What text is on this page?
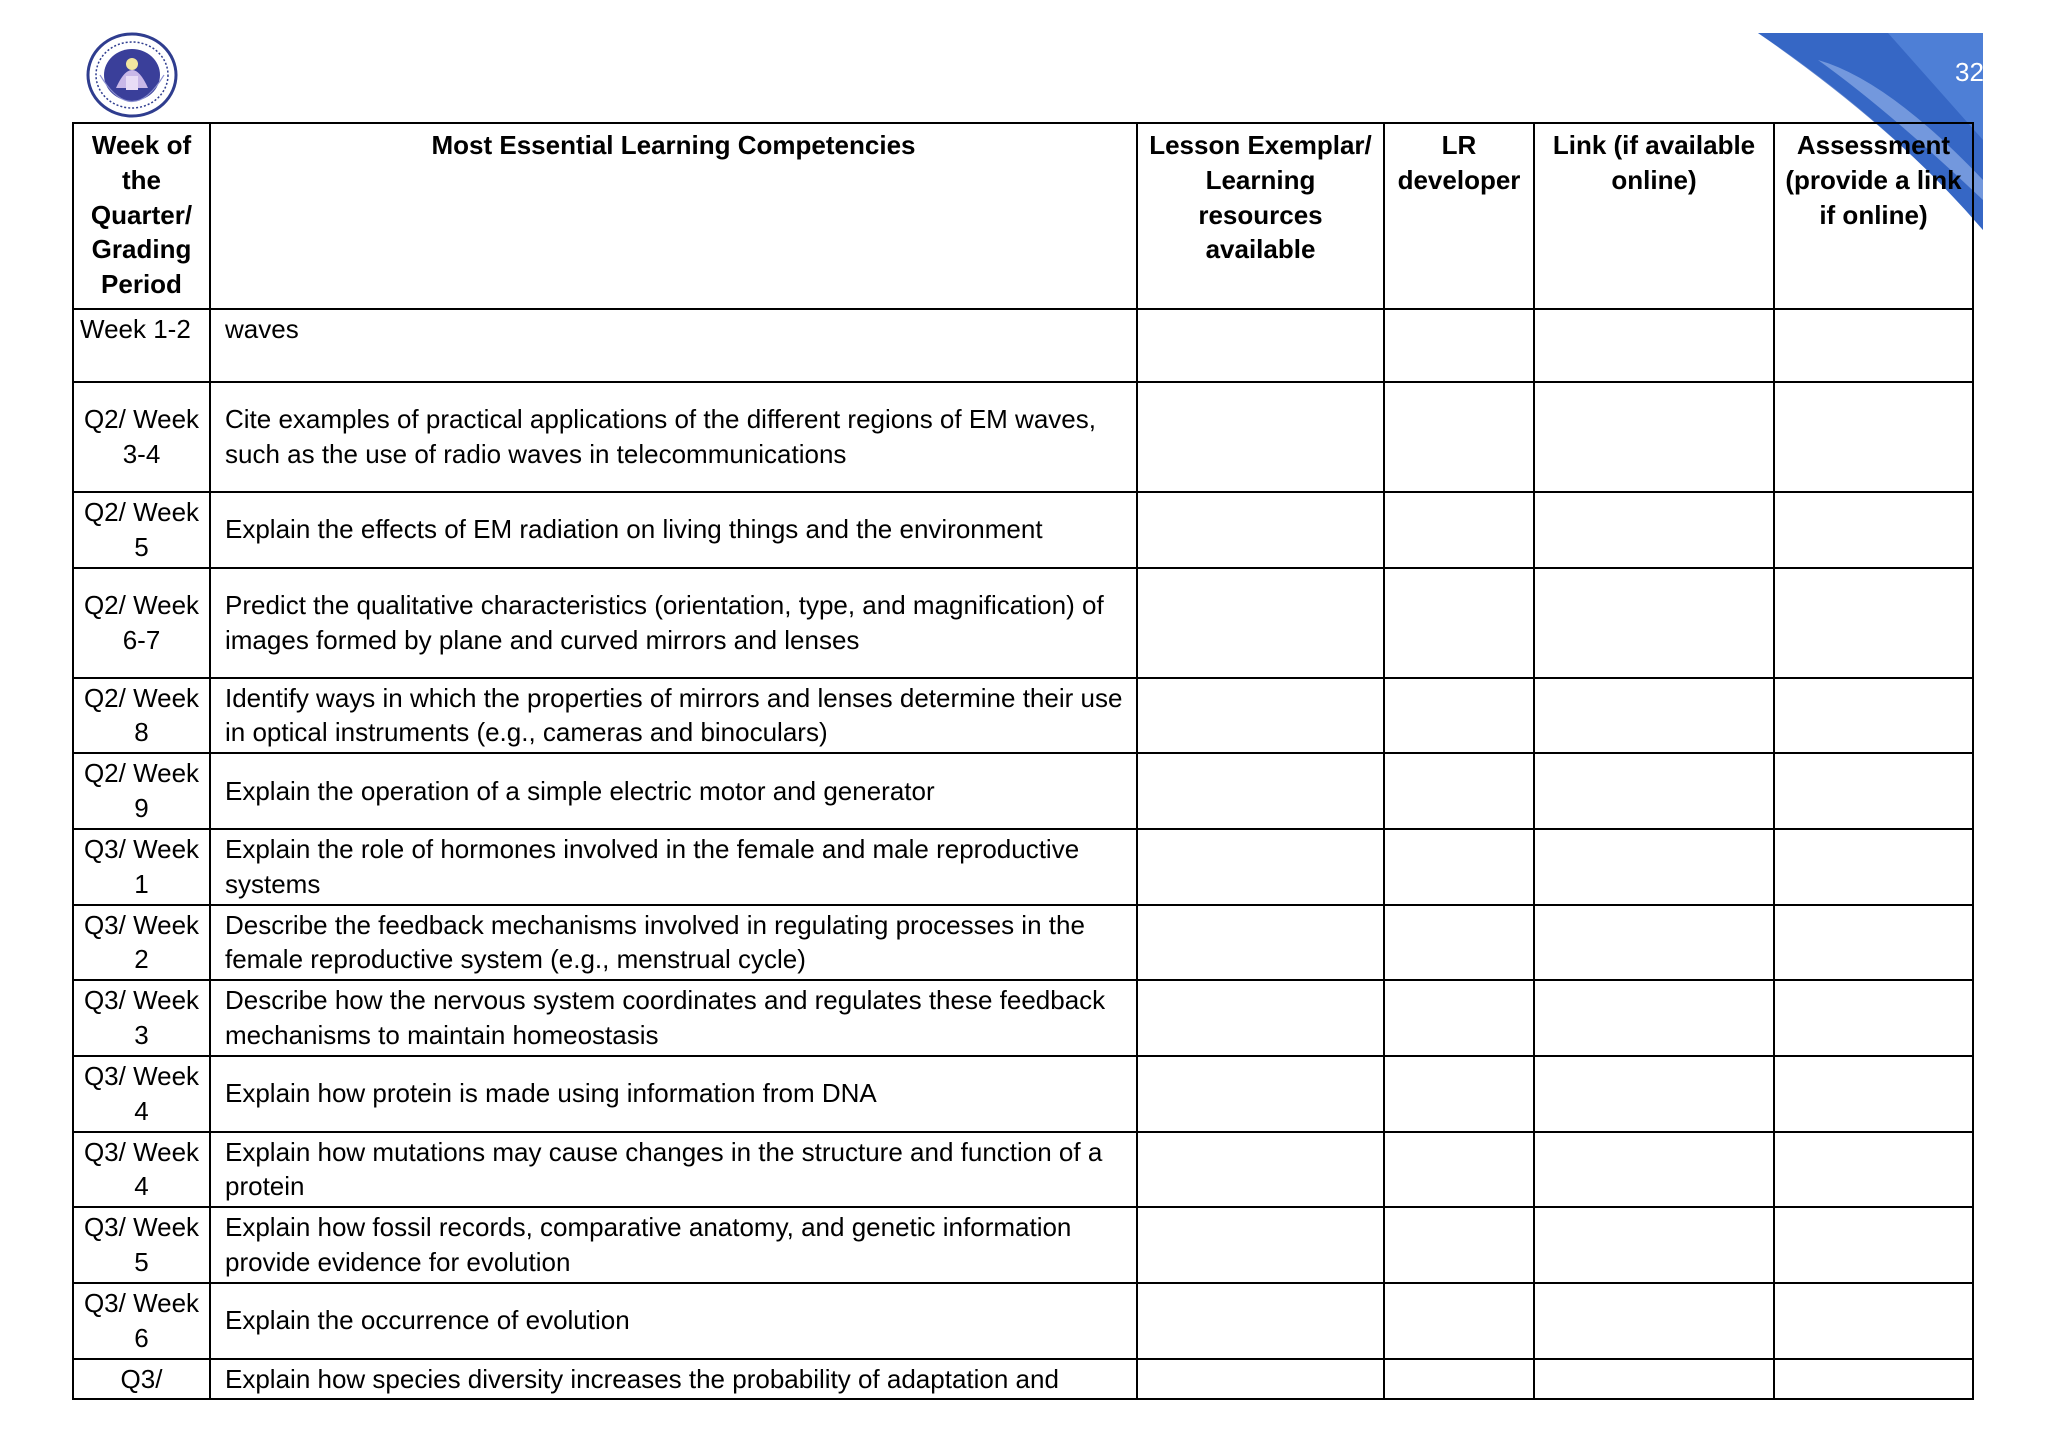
328
Week of the Quarter/ Grading Period	Most Essential Learning Competencies	Lesson Exemplar/ Learning resources available	LR developer	Link (if available online)	Assessment (provide a link if online)
Week 1-2	waves				
Q2/ Week 3-4	Cite examples of practical applications of the different regions of EM waves, such as the use of radio waves in telecommunications				
Q2/ Week 5	Explain the effects of EM radiation on living things and the environment				
Q2/ Week 6-7	Predict the qualitative characteristics (orientation, type, and magnification) of images formed by plane and curved mirrors and lenses				
Q2/ Week 8	Identify ways in which the properties of mirrors and lenses determine their use in optical instruments (e.g., cameras and binoculars)				
Q2/ Week 9	Explain the operation of a simple electric motor and generator				
Q3/ Week 1	Explain the role of hormones involved in the female and male reproductive systems				
Q3/ Week 2	Describe the feedback mechanisms involved in regulating processes in the female reproductive system (e.g., menstrual cycle)				
Q3/ Week 3	Describe how the nervous system coordinates and regulates these feedback mechanisms to maintain homeostasis				
Q3/ Week 4	Explain how protein is made using information from DNA				
Q3/ Week 4	Explain how mutations may cause changes in the structure and function of a protein				
Q3/ Week 5	Explain how fossil records, comparative anatomy, and genetic information provide evidence for evolution				
Q3/ Week 6	Explain the occurrence of evolution				
Q3/	Explain how species diversity increases the probability of adaptation and				
